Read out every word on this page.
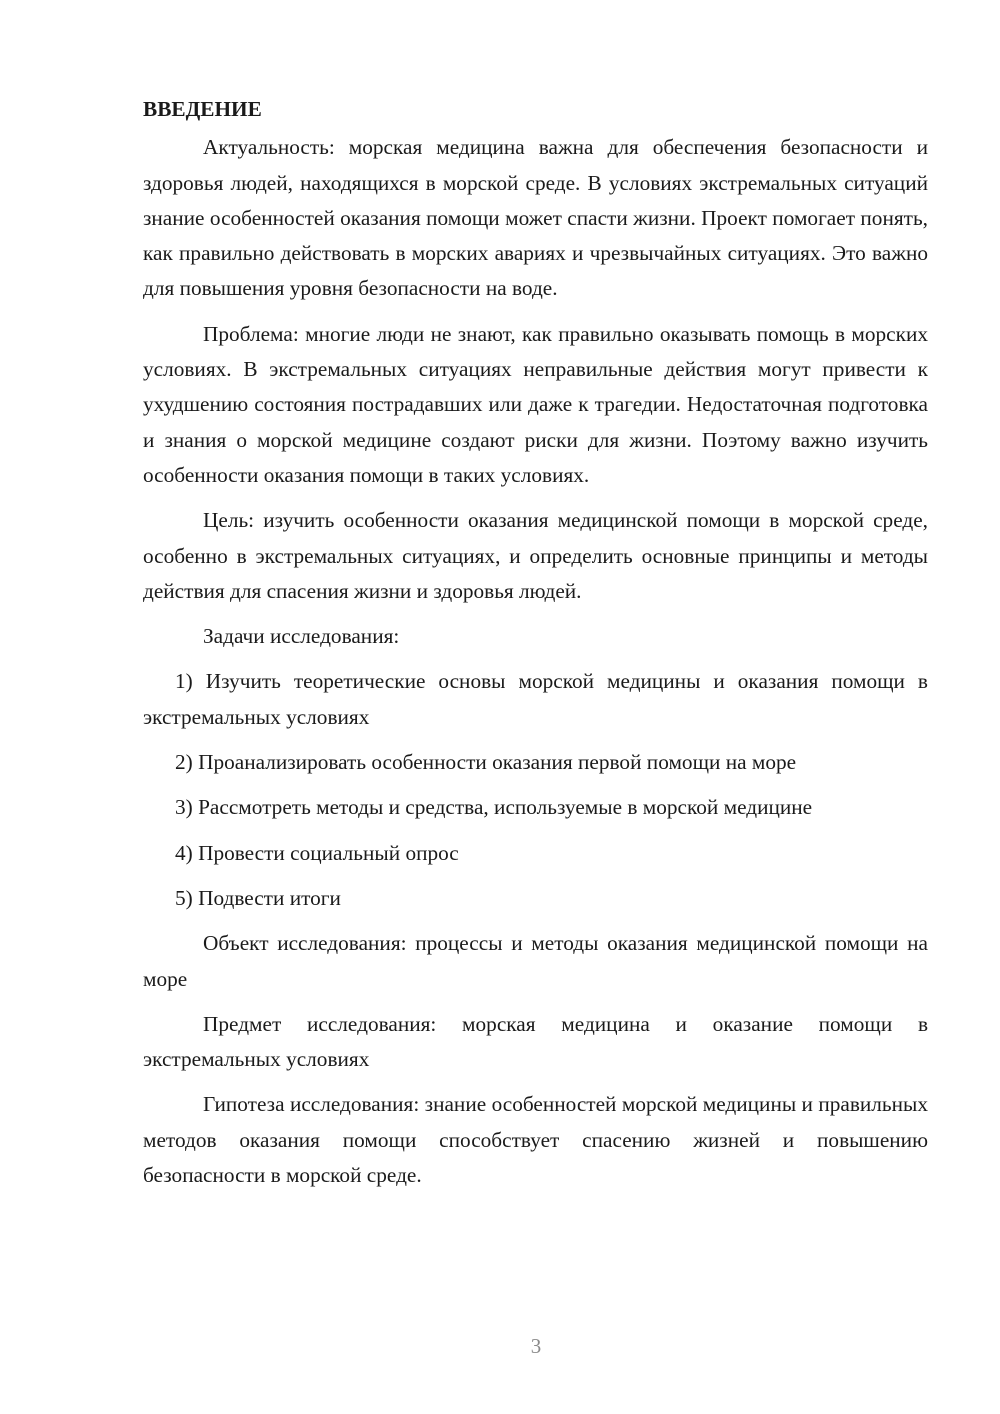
ВВЕДЕНИЕ

Актуальность: морская медицина важна для обеспечения безопасности и здоровья людей, находящихся в морской среде. В условиях экстремальных ситуаций знание особенностей оказания помощи может спасти жизни. Проект помогает понять, как правильно действовать в морских авариях и чрезвычайных ситуациях. Это важно для повышения уровня безопасности на воде.

Проблема: многие люди не знают, как правильно оказывать помощь в морских условиях. В экстремальных ситуациях неправильные действия могут привести к ухудшению состояния пострадавших или даже к трагедии. Недостаточная подготовка и знания о морской медицине создают риски для жизни. Поэтому важно изучить особенности оказания помощи в таких условиях.

Цель: изучить особенности оказания медицинской помощи в морской среде, особенно в экстремальных ситуациях, и определить основные принципы и методы действия для спасения жизни и здоровья людей.

Задачи исследования:

1) Изучить теоретические основы морской медицины и оказания помощи в экстремальных условиях

2) Проанализировать особенности оказания первой помощи на море

3) Рассмотреть методы и средства, используемые в морской медицине

4) Провести социальный опрос

5) Подвести итоги

Объект исследования: процессы и методы оказания медицинской помощи на море

Предмет исследования: морская медицина и оказание помощи в экстремальных условиях

Гипотеза исследования: знание особенностей морской медицины и правильных методов оказания помощи способствует спасению жизней и повышению безопасности в морской среде.

3
